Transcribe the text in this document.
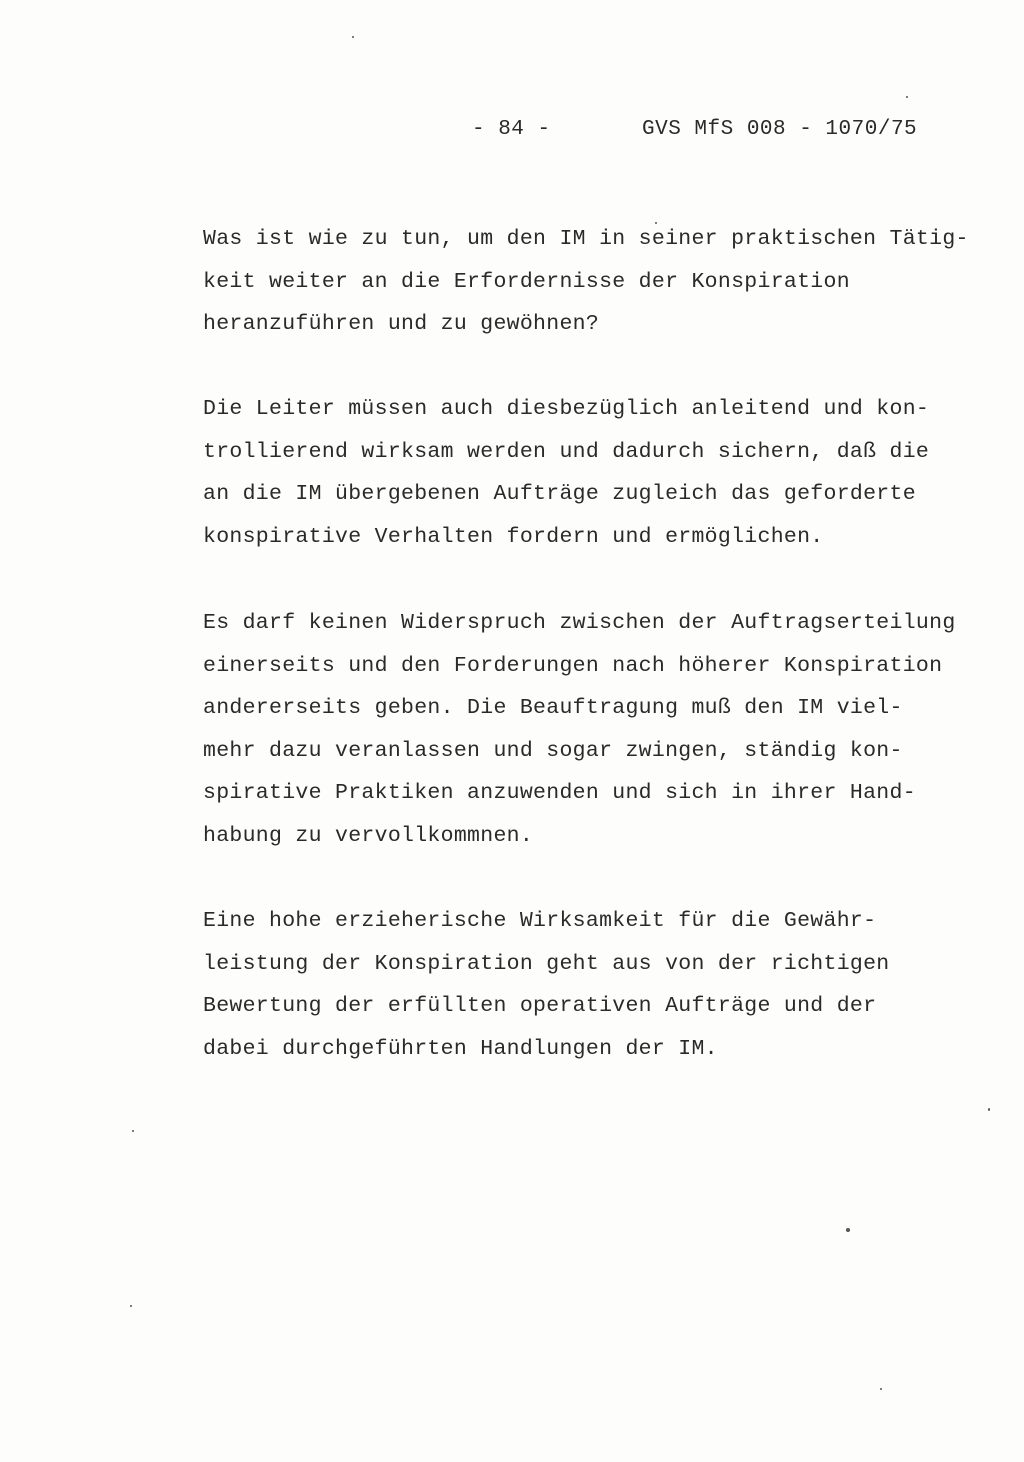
- 84 -	GVS MfS 008 - 1070/75
Was ist wie zu tun, um den IM in seiner praktischen Tätig-
keit weiter an die Erfordernisse der Konspiration
heranzuführen und zu gewöhnen?
Die Leiter müssen auch diesbezüglich anleitend und kon-
trollierend wirksam werden und dadurch sichern, daß die
an die IM übergebenen Aufträge zugleich das geforderte
konspirative Verhalten fordern und ermöglichen.
Es darf keinen Widerspruch zwischen der Auftragserteilung
einerseits und den Forderungen nach höherer Konspiration
andererseits geben. Die Beauftragung muß den IM viel-
mehr dazu veranlassen und sogar zwingen, ständig kon-
spirative Praktiken anzuwenden und sich in ihrer Hand-
habung zu vervollkommnen.
Eine hohe erzieherische Wirksamkeit für die Gewähr-
leistung der Konspiration geht aus von der richtigen
Bewertung der erfüllten operativen Aufträge und der
dabei durchgeführten Handlungen der IM.
